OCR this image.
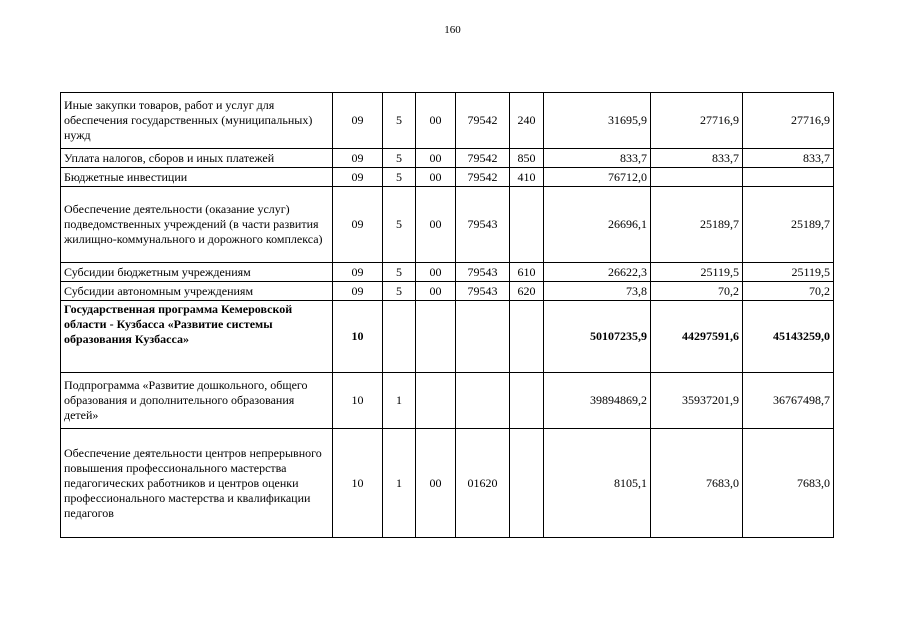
160
Иные закупки товаров, работ и услуг для обеспечения государственных (муниципальных) нужд	09	5	00	79542	240	31695,9	27716,9	27716,9
Уплата налогов, сборов и иных платежей	09	5	00	79542	850	833,7	833,7	833,7
Бюджетные инвестиции	09	5	00	79542	410	76712,0		
Обеспечение деятельности (оказание услуг) подведомственных учреждений (в части развития жилищно-коммунального и дорожного комплекса)	09	5	00	79543		26696,1	25189,7	25189,7
Субсидии бюджетным учреждениям	09	5	00	79543	610	26622,3	25119,5	25119,5
Субсидии автономным учреждениям	09	5	00	79543	620	73,8	70,2	70,2
Государственная программа Кемеровской области - Кузбасса «Развитие системы образования Кузбасса»	10					50107235,9	44297591,6	45143259,0
Подпрограмма «Развитие дошкольного, общего образования и дополнительного образования детей»	10	1				39894869,2	35937201,9	36767498,7
Обеспечение деятельности центров непрерывного повышения профессионального мастерства педагогических работников и центров оценки профессионального мастерства и квалификации педагогов	10	1	00	01620		8105,1	7683,0	7683,0
